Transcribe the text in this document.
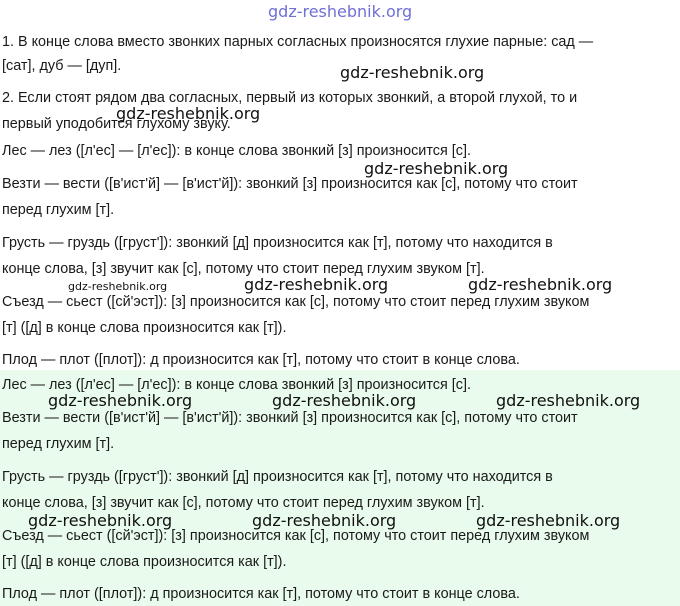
gdz-reshebnik.org
1. В конце слова вместо звонких парных согласных произносятся глухие парные: сад —
[сат], дуб — [дуп].
2. Если стоят рядом два согласных, первый из которых звонкий, а второй глухой, то и
первый уподобится глухому звуку.
Лес — лез ([л'ес] — [л'ес]): в конце слова звонкий [з] произносится [с].
Везти — вести ([в'ист'й] — [в'ист'й]): звонкий [з] произносится как [с], потому что стоит
перед глухим [т].
Грусть — груздь ([груст']): звонкий [д] произносится как [т], потому что находится в
конце слова, [з] звучит как [с], потому что стоит перед глухим звуком [т].
Съезд — сьест ([сй'эст]): [з] произносится как [с], потому что стоит перед глухим звуком
[т] ([д] в конце слова произносится как [т]).
Плод — плот ([плот]): д произносится как [т], потому что стоит в конце слова.
Лес — лез ([л'ес] — [л'ес]): в конце слова звонкий [з] произносится [с].
Везти — вести ([в'ист'й] — [в'ист'й]): звонкий [з] произносится как [с], потому что стоит
перед глухим [т].
Грусть — груздь ([груст']): звонкий [д] произносится как [т], потому что находится в
конце слова, [з] звучит как [с], потому что стоит перед глухим звуком [т].
Съезд — сьест ([сй'эст]): [з] произносится как [с], потому что стоит перед глухим звуком
[т] ([д] в конце слова произносится как [т]).
Плод — плот ([плот]): д произносится как [т], потому что стоит в конце слова.
gdz-reshebnik.org
gdz-reshebnik.org
gdz-reshebnik.org
gdz-reshebnik.org	gdz-reshebnik.org	gdz-reshebnik.org
gdz-reshebnik.org	gdz-reshebnik.org	gdz-reshebnik.org
gdz-reshebnik.org	gdz-reshebnik.org	gdz-reshebnik.org
